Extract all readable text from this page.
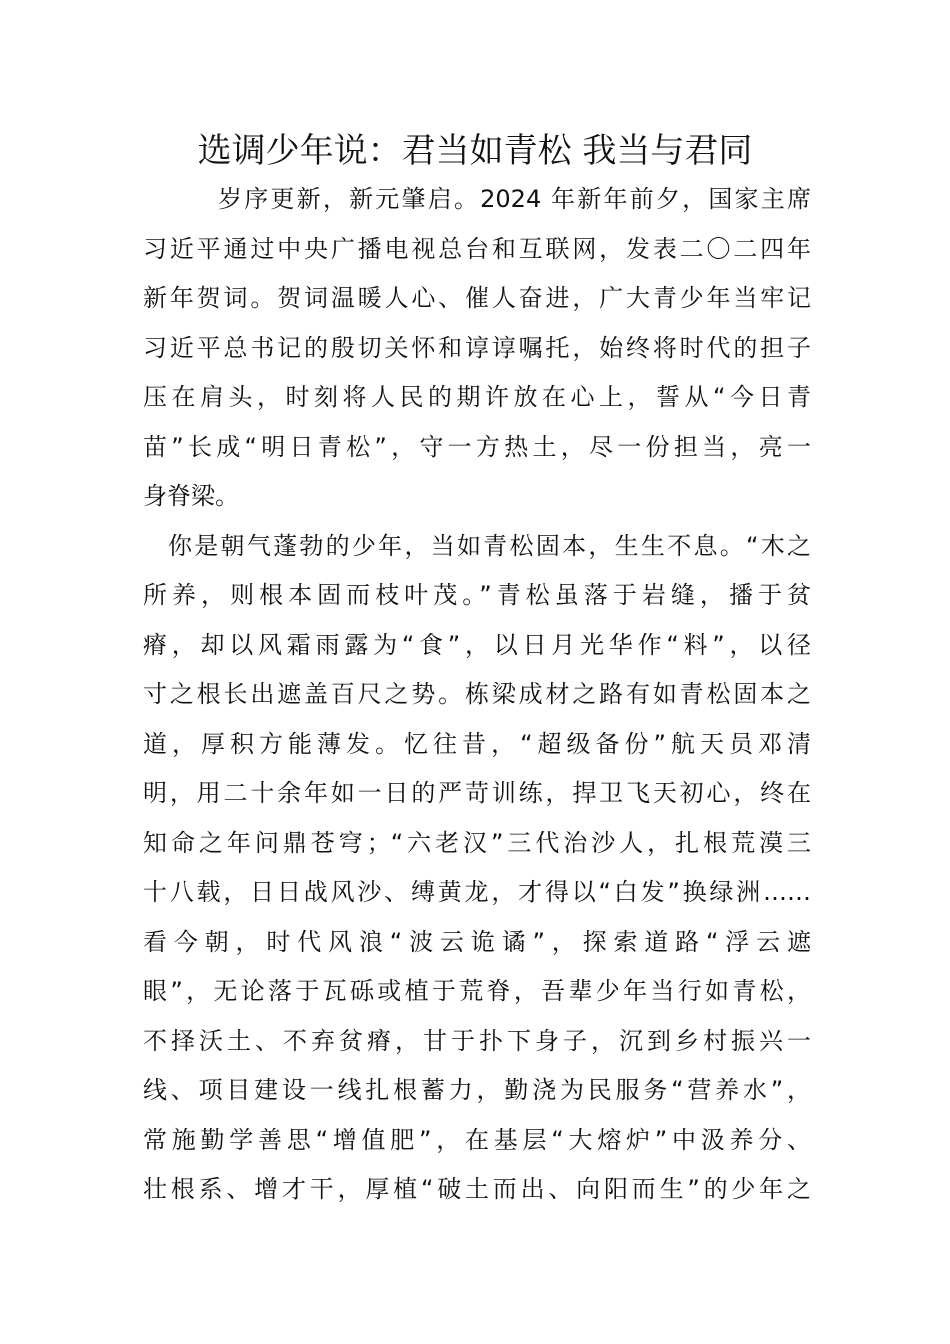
选调少年说：君当如青松 我当与君同
岁序更新，新元肇启。2024 年新年前夕，国家主席
习近平通过中央广播电视总台和互联网，发表二〇二四年
新年贺词。贺词温暖人心、催人奋进，广大青少年当牢记
习近平总书记的殷切关怀和谆谆嘱托，始终将时代的担子
压在肩头，时刻将人民的期许放在心上，誓从“今日青
苗”长成“明日青松”，守一方热土，尽一份担当，亮一
身脊梁。
你是朝气蓬勃的少年，当如青松固本，生生不息。“木之
所养，则根本固而枝叶茂。”青松虽落于岩缝，播于贫
瘠，却以风霜雨露为“食”，以日月光华作“料”，以径
寸之根长出遮盖百尺之势。栋梁成材之路有如青松固本之
道，厚积方能薄发。忆往昔，“超级备份”航天员邓清
明，用二十余年如一日的严苛训练，捍卫飞天初心，终在
知命之年问鼎苍穹；“六老汉”三代治沙人，扎根荒漠三
十八载，日日战风沙、缚黄龙，才得以“白发”换绿洲……
看今朝，时代风浪“波云诡谲”，探索道路“浮云遮
眼”，无论落于瓦砾或植于荒脊，吾辈少年当行如青松，
不择沃土、不弃贫瘠，甘于扑下身子，沉到乡村振兴一
线、项目建设一线扎根蓄力，勤浇为民服务“营养水”，
常施勤学善思“增值肥”，在基层“大熔炉”中汲养分、
壮根系、增才干，厚植“破土而出、向阳而生”的少年之
